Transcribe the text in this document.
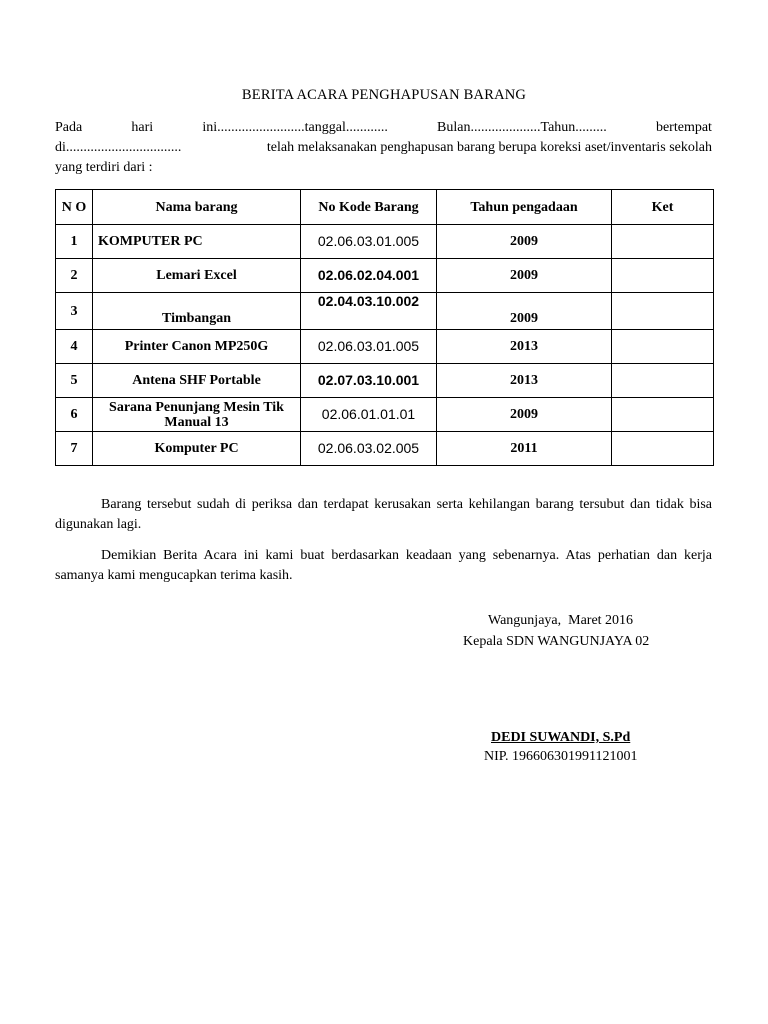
BERITA ACARA PENGHAPUSAN BARANG
Pada	hari	ini.........................tanggal............	Bulan....................Tahun.........	bertempat
di.................................	telah melaksanakan penghapusan barang berupa koreksi aset/inventaris sekolah
yang terdiri dari :
N O	Nama barang	No Kode Barang	Tahun pengadaan	Ket
1	KOMPUTER PC	02.06.03.01.005	2009	
2	Lemari Excel	02.06.02.04.001	2009	
3	Timbangan	02.04.03.10.002	2009	
4	Printer Canon MP250G	02.06.03.01.005	2013	
5	Antena SHF Portable	02.07.03.10.001	2013	
6	Sarana Penunjang Mesin Tik Manual 13	02.06.01.01.01	2009	
7	Komputer PC	02.06.03.02.005	2011	
Barang tersebut sudah di periksa dan terdapat kerusakan serta kehilangan barang tersubut dan tidak bisa digunakan lagi.
Demikian Berita Acara ini kami buat berdasarkan keadaan yang sebenarnya. Atas perhatian dan kerja samanya kami mengucapkan terima kasih.
Wangunjaya,  Maret 2016
Kepala SDN WANGUNJAYA 02
DEDI SUWANDI, S.Pd
NIP. 196606301991121001
